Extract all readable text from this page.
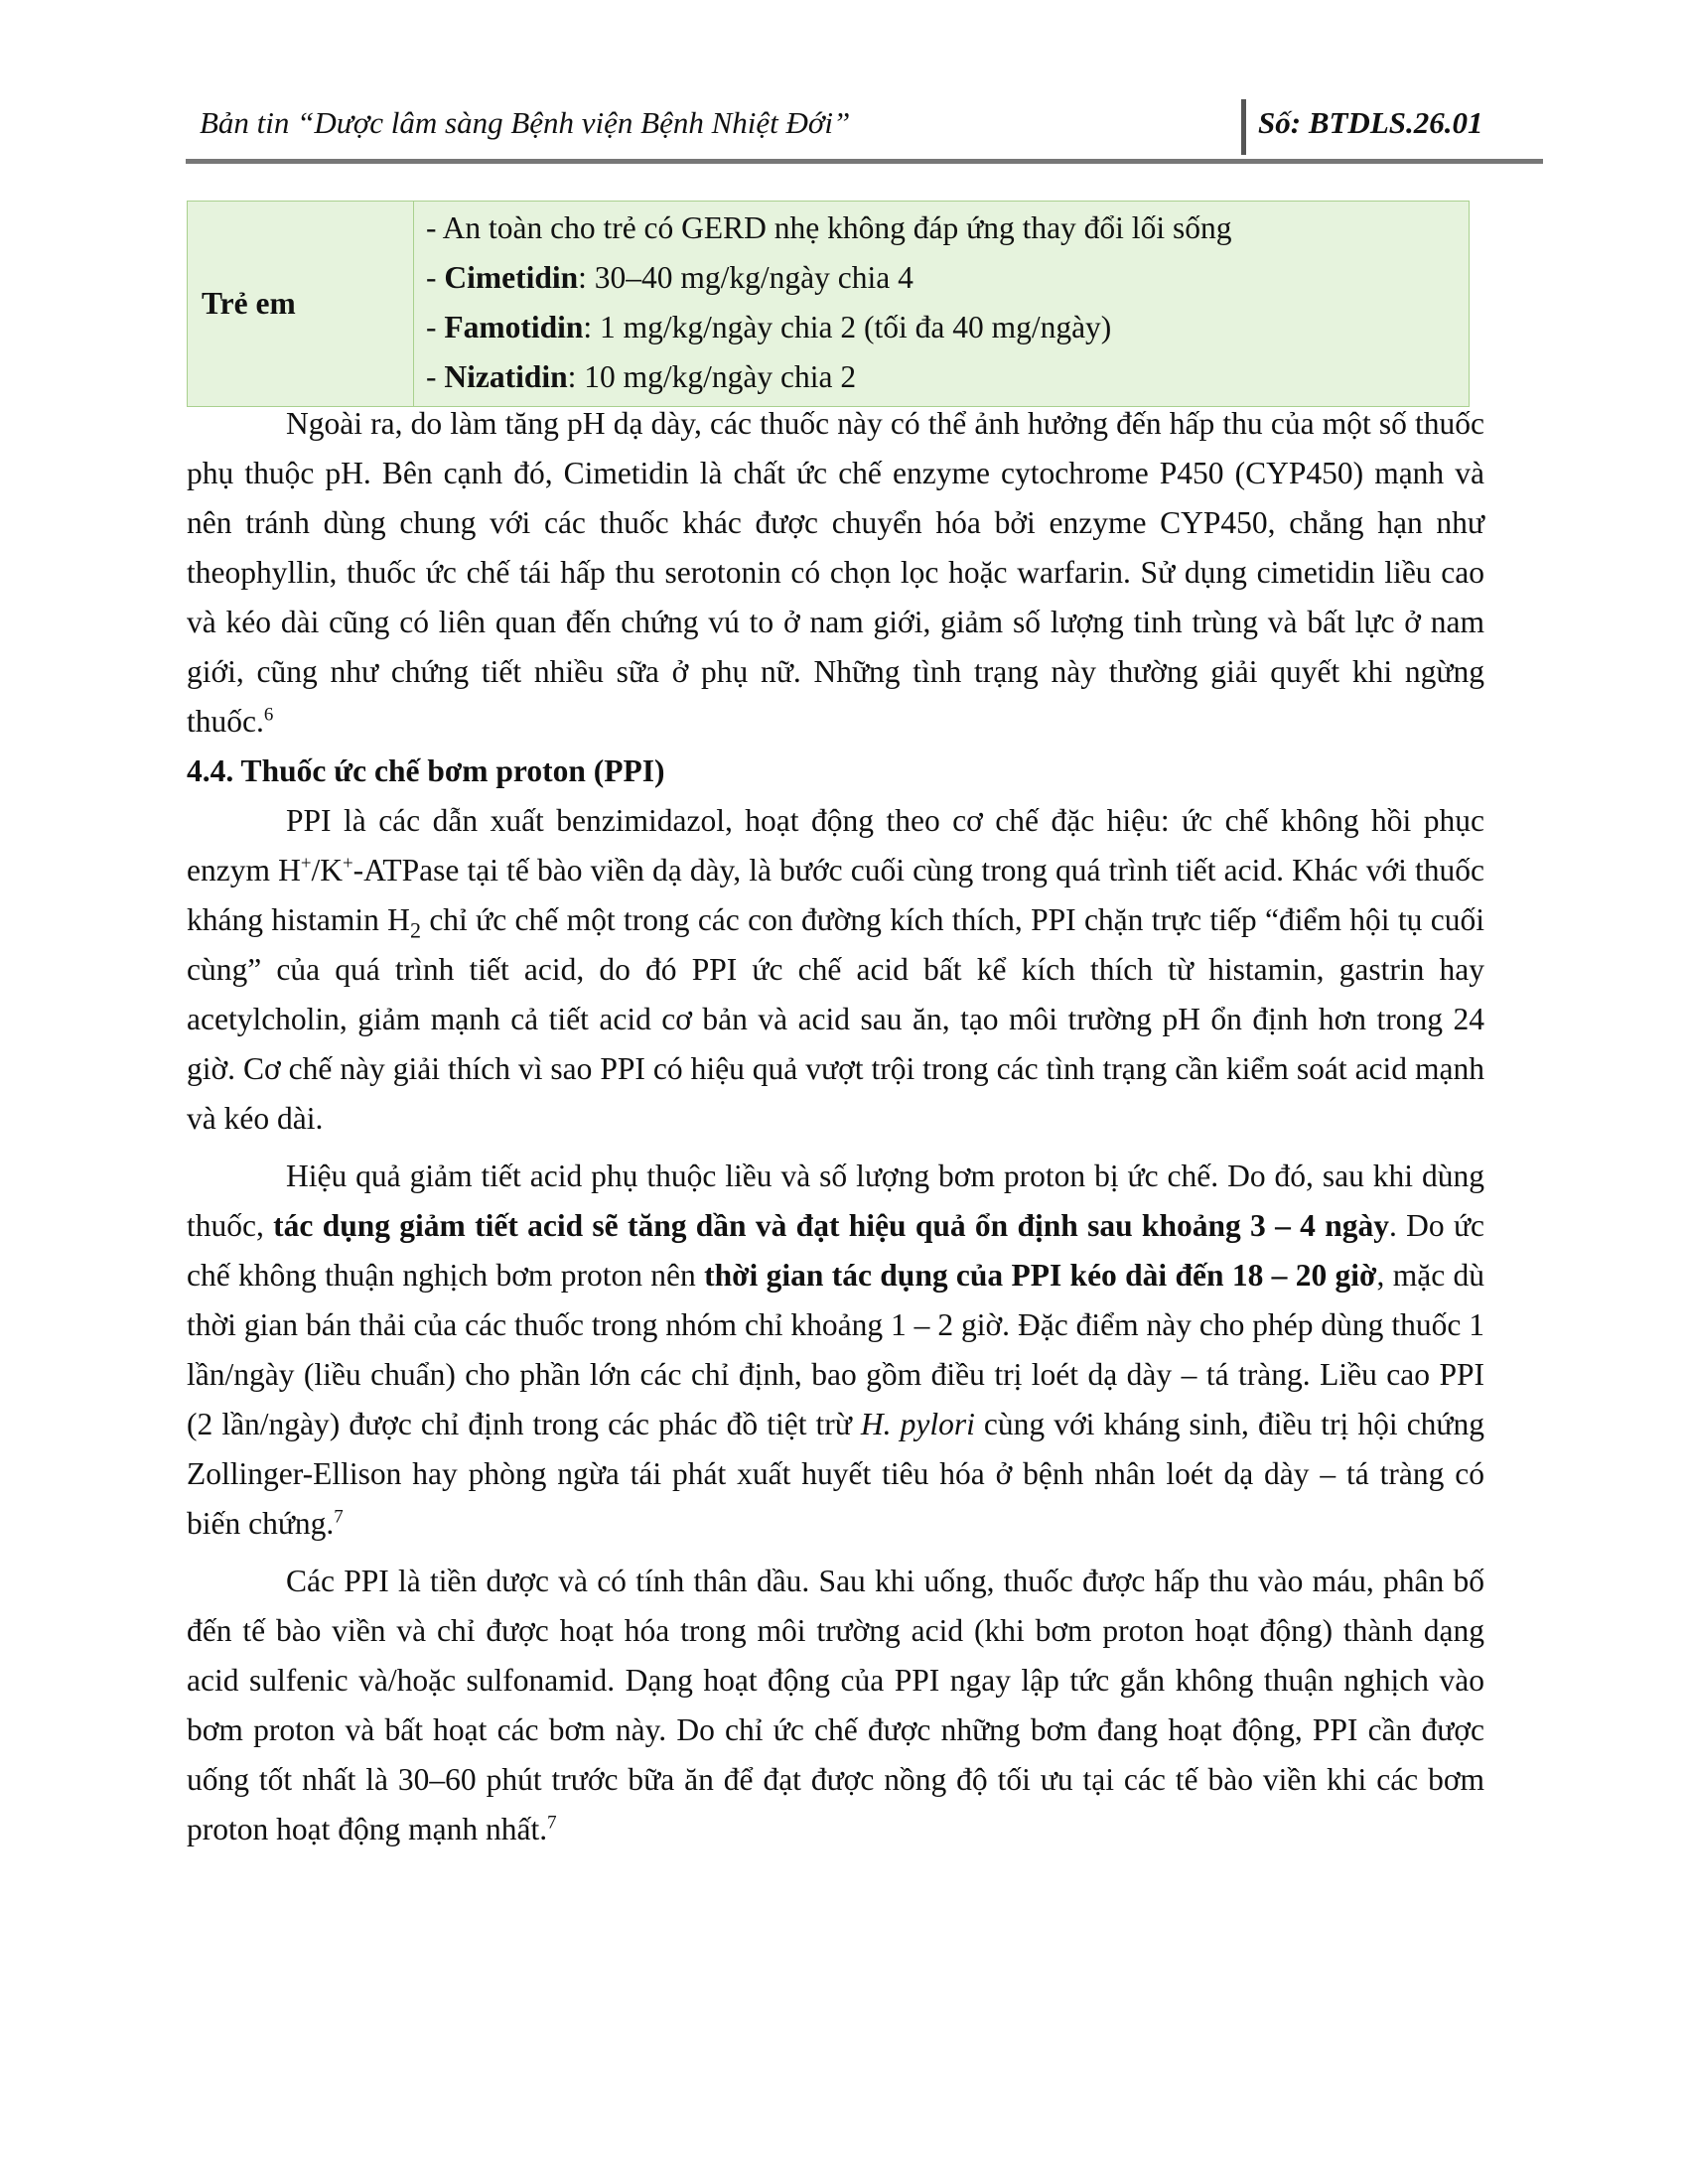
Bản tin “Dược lâm sàng Bệnh viện Bệnh Nhiệt Đới”	Số: BTDLS.26.01
Trẻ em	
- An toàn cho trẻ có GERD nhẹ không đáp ứng thay đổi lối sống
- Cimetidin: 30–40 mg/kg/ngày chia 4
- Famotidin: 1 mg/kg/ngày chia 2 (tối đa 40 mg/ngày)
- Nizatidin: 10 mg/kg/ngày chia 2

Ngoài ra, do làm tăng pH dạ dày, các thuốc này có thể ảnh hưởng đến hấp thu của một số thuốc phụ thuộc pH. Bên cạnh đó, Cimetidin là chất ức chế enzyme cytochrome P450 (CYP450) mạnh và nên tránh dùng chung với các thuốc khác được chuyển hóa bởi enzyme CYP450, chẳng hạn như theophyllin, thuốc ức chế tái hấp thu serotonin có chọn lọc hoặc warfarin. Sử dụng cimetidin liều cao và kéo dài cũng có liên quan đến chứng vú to ở nam giới, giảm số lượng tinh trùng và bất lực ở nam giới, cũng như chứng tiết nhiều sữa ở phụ nữ. Những tình trạng này thường giải quyết khi ngừng thuốc.$^6$

4.4. Thuốc ức chế bơm proton (PPI)

PPI là các dẫn xuất benzimidazol, hoạt động theo cơ chế đặc hiệu: ức chế không hồi phục enzym H+/K+-ATPase tại tế bào viền dạ dày, là bước cuối cùng trong quá trình tiết acid. Khác với thuốc kháng histamin $H_2$ chỉ ức chế một trong các con đường kích thích, PPI chặn trực tiếp “điểm hội tụ cuối cùng” của quá trình tiết acid, do đó PPI ức chế acid bất kể kích thích từ histamin, gastrin hay acetylcholin, giảm mạnh cả tiết acid cơ bản và acid sau ăn, tạo môi trường pH ổn định hơn trong 24 giờ. Cơ chế này giải thích vì sao PPI có hiệu quả vượt trội trong các tình trạng cần kiểm soát acid mạnh và kéo dài.

Hiệu quả giảm tiết acid phụ thuộc liều và số lượng bơm proton bị ức chế. Do đó, sau khi dùng thuốc, tác dụng giảm tiết acid sẽ tăng dần và đạt hiệu quả ổn định sau khoảng 3 – 4 ngày. Do ức chế không thuận nghịch bơm proton nên thời gian tác dụng của PPI kéo dài đến 18 – 20 giờ, mặc dù thời gian bán thải của các thuốc trong nhóm chỉ khoảng 1 – 2 giờ. Đặc điểm này cho phép dùng thuốc 1 lần/ngày (liều chuẩn) cho phần lớn các chỉ định, bao gồm điều trị loét dạ dày – tá tràng. Liều cao PPI (2 lần/ngày) được chỉ định trong các phác đồ tiệt trừ H. pylori cùng với kháng sinh, điều trị hội chứng Zollinger-Ellison hay phòng ngừa tái phát xuất huyết tiêu hóa ở bệnh nhân loét dạ dày – tá tràng có biến chứng.$^7$

Các PPI là tiền dược và có tính thân dầu. Sau khi uống, thuốc được hấp thu vào máu, phân bố đến tế bào viền và chỉ được hoạt hóa trong môi trường acid (khi bơm proton hoạt động) thành dạng acid sulfenic và/hoặc sulfonamid. Dạng hoạt động của PPI ngay lập tức gắn không thuận nghịch vào bơm proton và bất hoạt các bơm này. Do chỉ ức chế được những bơm đang hoạt động, PPI cần được uống tốt nhất là 30–60 phút trước bữa ăn để đạt được nồng độ tối ưu tại các tế bào viền khi các bơm proton hoạt động mạnh nhất.$^7$
